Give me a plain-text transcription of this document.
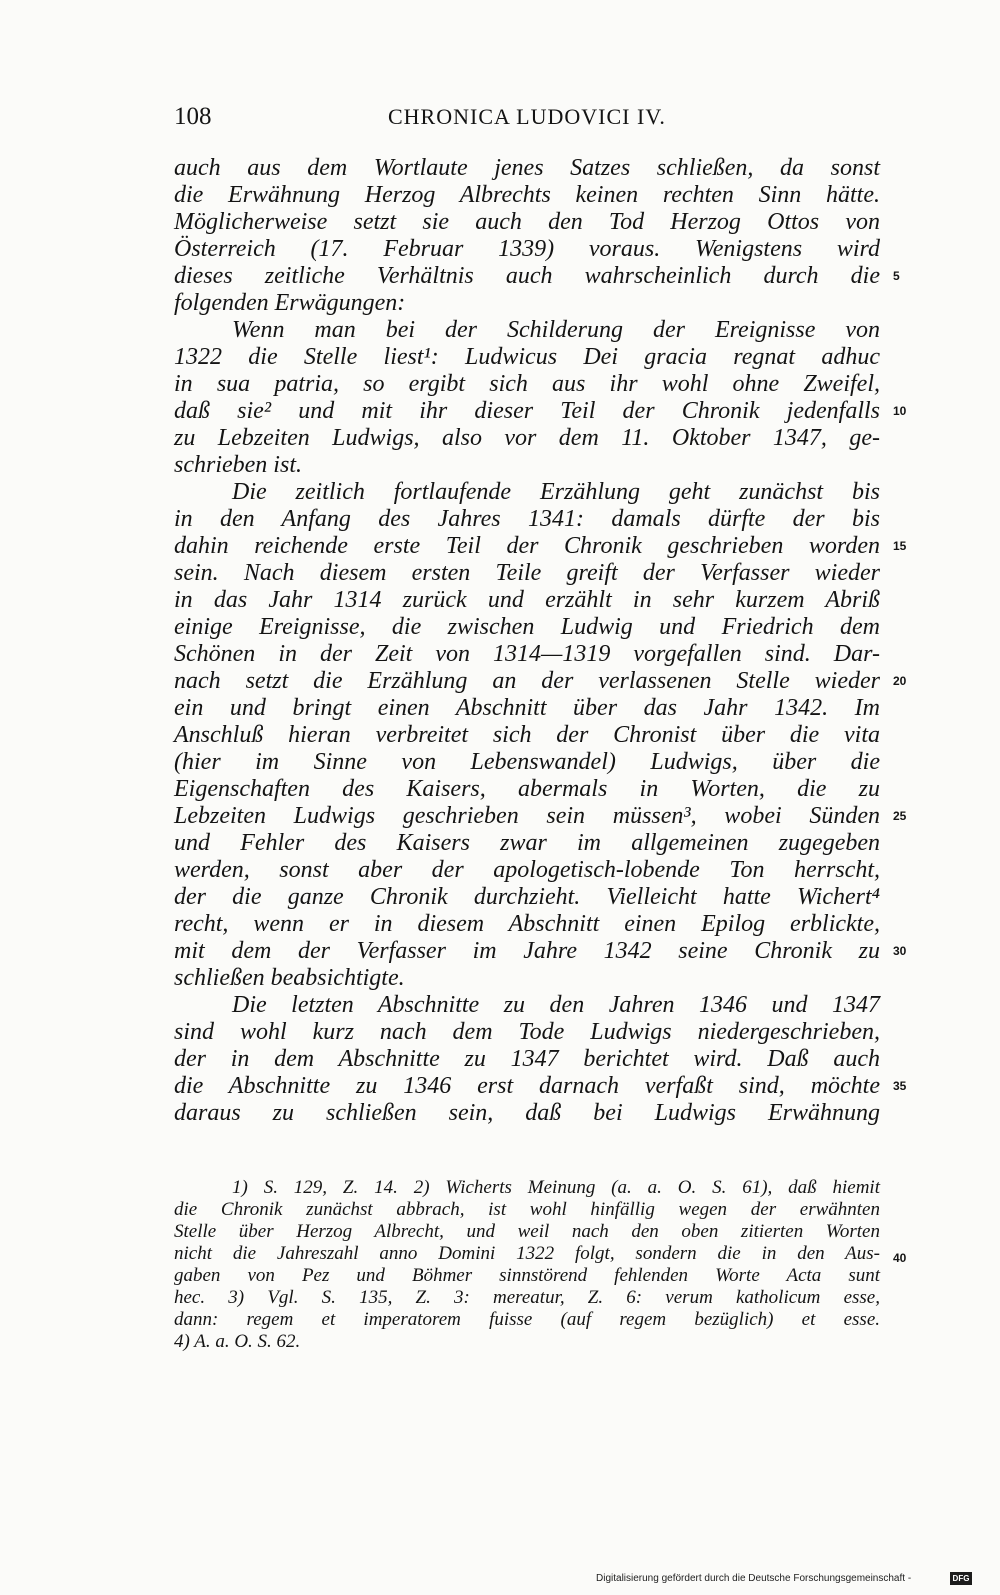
108	CHRONICA LUDOVICI IV.
auch aus dem Wortlaute jenes Satzes schließen, da sonst
die Erwähnung Herzog Albrechts keinen rechten Sinn hätte.
Möglicherweise setzt sie auch den Tod Herzog Ottos von
Österreich (17. Februar 1339) voraus. Wenigstens wird
dieses zeitliche Verhältnis auch wahrscheinlich durch die
folgenden Erwägungen:
Wenn man bei der Schilderung der Ereignisse von
1322 die Stelle liest¹: Ludwicus Dei gracia regnat adhuc
in sua patria, so ergibt sich aus ihr wohl ohne Zweifel,
daß sie² und mit ihr dieser Teil der Chronik jedenfalls
zu Lebzeiten Ludwigs, also vor dem 11. Oktober 1347, ge-
schrieben ist.
Die zeitlich fortlaufende Erzählung geht zunächst bis
in den Anfang des Jahres 1341: damals dürfte der bis
dahin reichende erste Teil der Chronik geschrieben worden
sein. Nach diesem ersten Teile greift der Verfasser wieder
in das Jahr 1314 zurück und erzählt in sehr kurzem Abriß
einige Ereignisse, die zwischen Ludwig und Friedrich dem
Schönen in der Zeit von 1314—1319 vorgefallen sind. Dar-
nach setzt die Erzählung an der verlassenen Stelle wieder
ein und bringt einen Abschnitt über das Jahr 1342. Im
Anschluß hieran verbreitet sich der Chronist über die vita
(hier im Sinne von Lebenswandel) Ludwigs, über die
Eigenschaften des Kaisers, abermals in Worten, die zu
Lebzeiten Ludwigs geschrieben sein müssen³, wobei Sünden
und Fehler des Kaisers zwar im allgemeinen zugegeben
werden, sonst aber der apologetisch-lobende Ton herrscht,
der die ganze Chronik durchzieht. Vielleicht hatte Wichert⁴
recht, wenn er in diesem Abschnitt einen Epilog erblickte,
mit dem der Verfasser im Jahre 1342 seine Chronik zu
schließen beabsichtigte.
Die letzten Abschnitte zu den Jahren 1346 und 1347
sind wohl kurz nach dem Tode Ludwigs niedergeschrieben,
der in dem Abschnitte zu 1347 berichtet wird. Daß auch
die Abschnitte zu 1346 erst darnach verfaßt sind, möchte
daraus zu schließen sein, daß bei Ludwigs Erwähnung
5
10
15
20
25
30
35
1) S. 129, Z. 14. 2) Wicherts Meinung (a. a. O. S. 61), daß hiemit
die Chronik zunächst abbrach, ist wohl hinfällig wegen der erwähnten
Stelle über Herzog Albrecht, und weil nach den oben zitierten Worten
nicht die Jahreszahl anno Domini 1322 folgt, sondern die in den Aus-
gaben von Pez und Böhmer sinnstörend fehlenden Worte Acta sunt
hec. 3) Vgl. S. 135, Z. 3: mereatur, Z. 6: verum katholicum esse,
dann: regem et imperatorem fuisse (auf regem bezüglich) et esse.
4) A. a. O. S. 62.
40
Digitalisierung gefördert durch die Deutsche Forschungsgemeinschaft -	DFG
